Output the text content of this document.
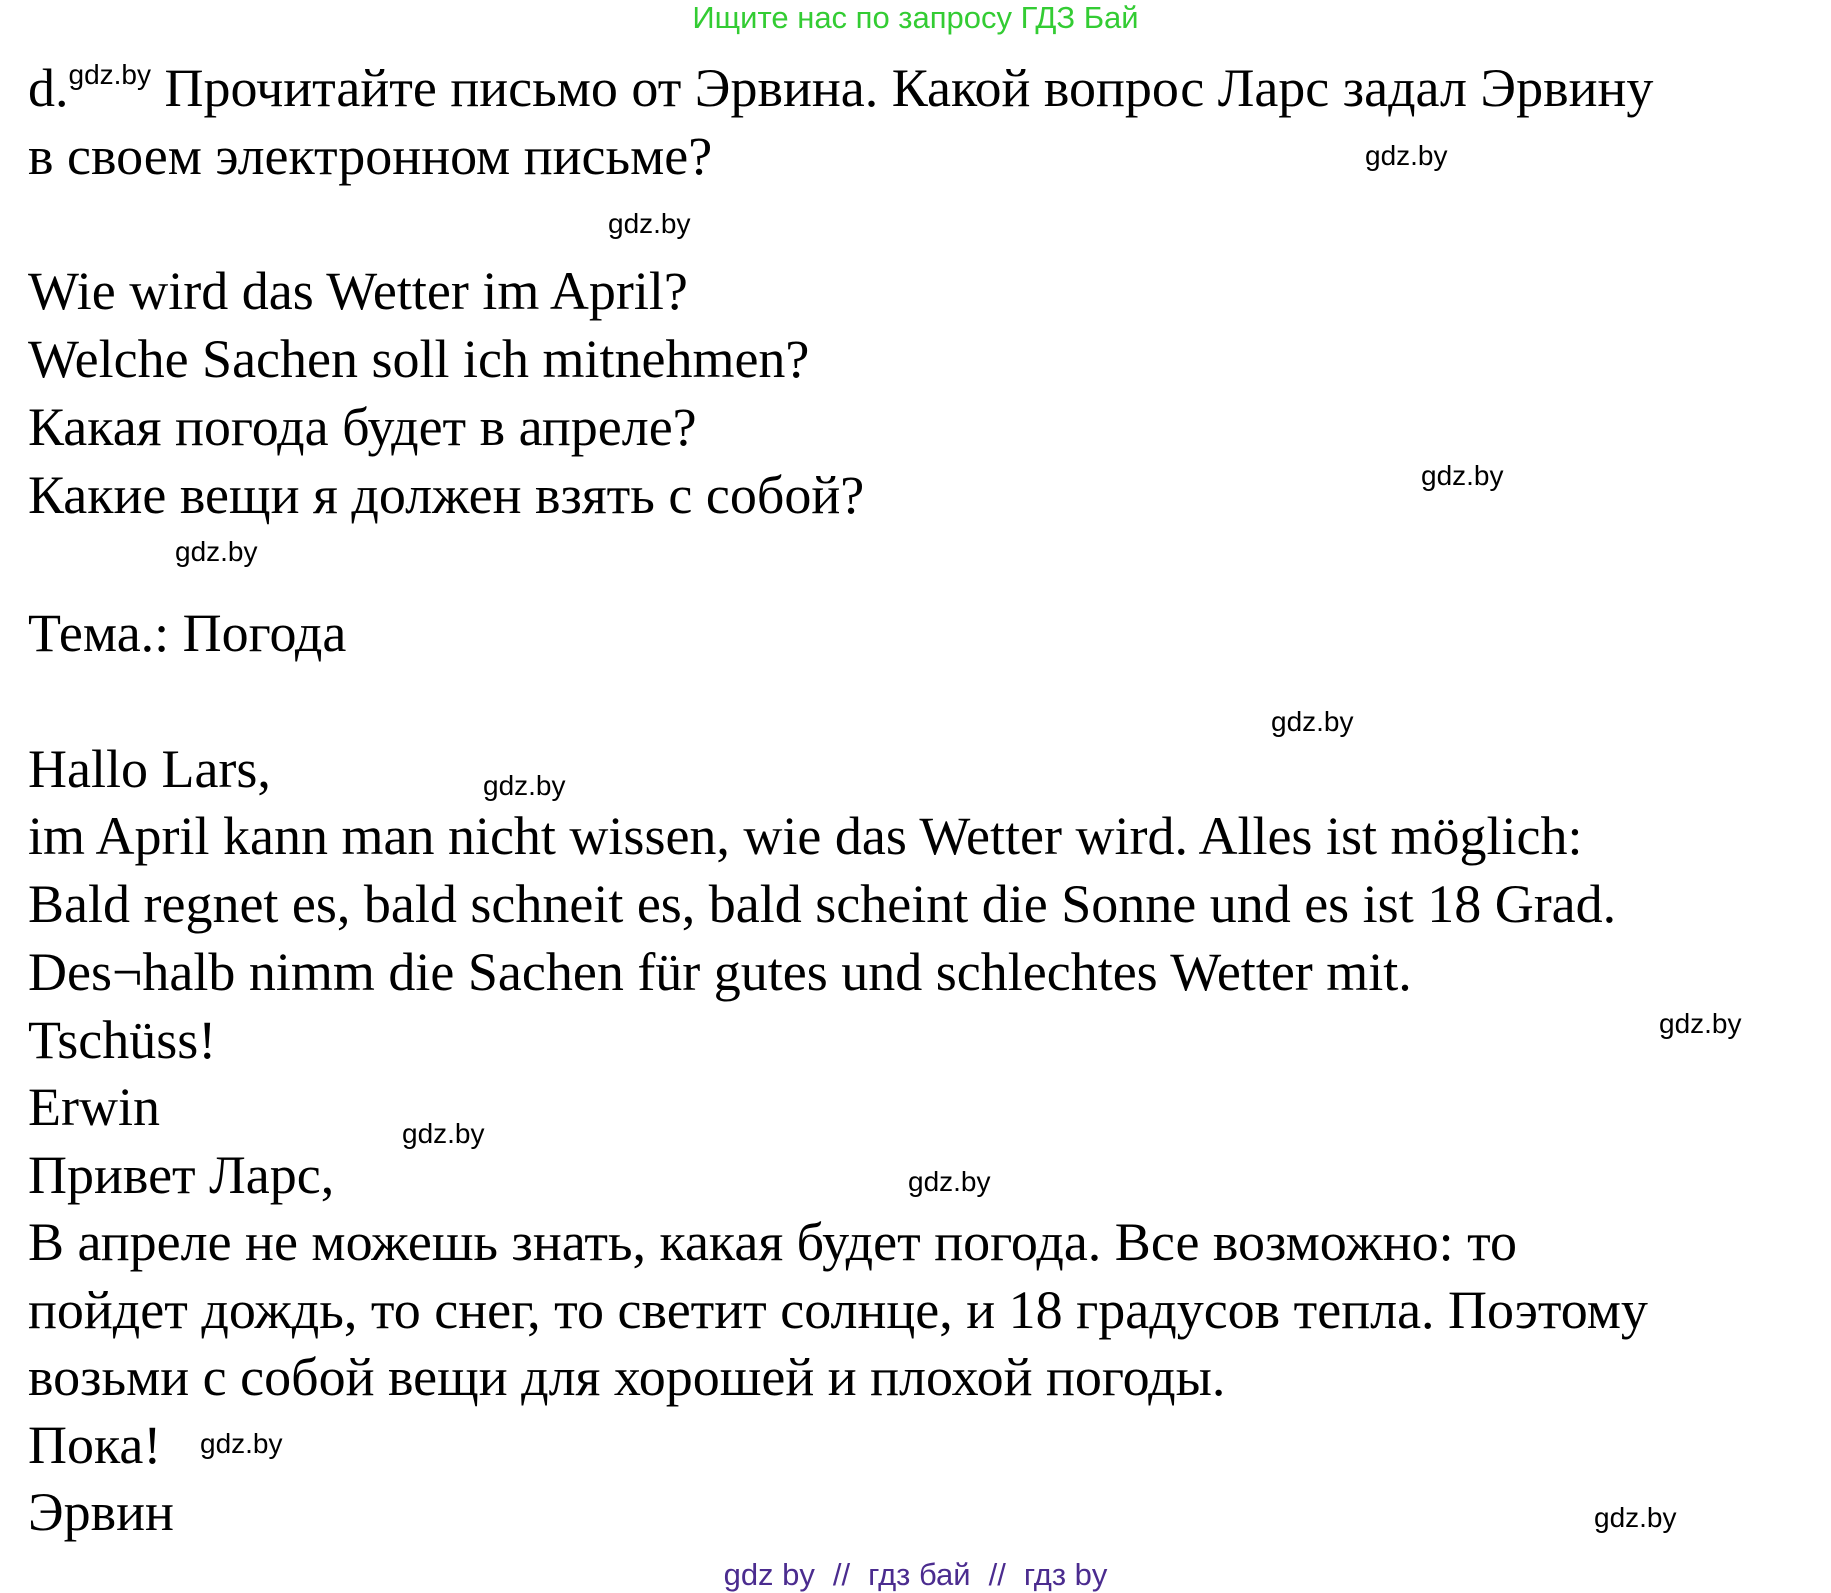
Ищите нас по запросу ГДЗ Бай
d.$^{gdz.by}$ Прочитайте письмо от Эрвина. Какой вопрос Ларс задал Эрвину
в своем электронном письме?
Wie wird das Wetter im April?
Welche Sachen soll ich mitnehmen?
Какая погода будет в апреле?
Какие вещи я должен взять с собой?
Тема.: Погода
Hallo Lars,
im April kann man nicht wissen, wie das Wetter wird. Alles ist möglich:
Bald regnet es, bald schneit es, bald scheint die Sonne und es ist 18 Grad.
Des¬halb nimm die Sachen für gutes und schlechtes Wetter mit.
Tschüss!
Erwin
Привет Ларс,
В апреле не можешь знать, какая будет погода. Все возможно: то
пойдет дождь, то снег, то светит солнце, и 18 градусов тепла. Поэтому
возьми с собой вещи для хорошей и плохой погоды.
Пока!
Эрвин
gdz.by
gdz.by
gdz.by
gdz.by
gdz.by
gdz.by
gdz.by
gdz.by
gdz.by
gdz.by
gdz.by
gdz by // гдз бай // гдз by
